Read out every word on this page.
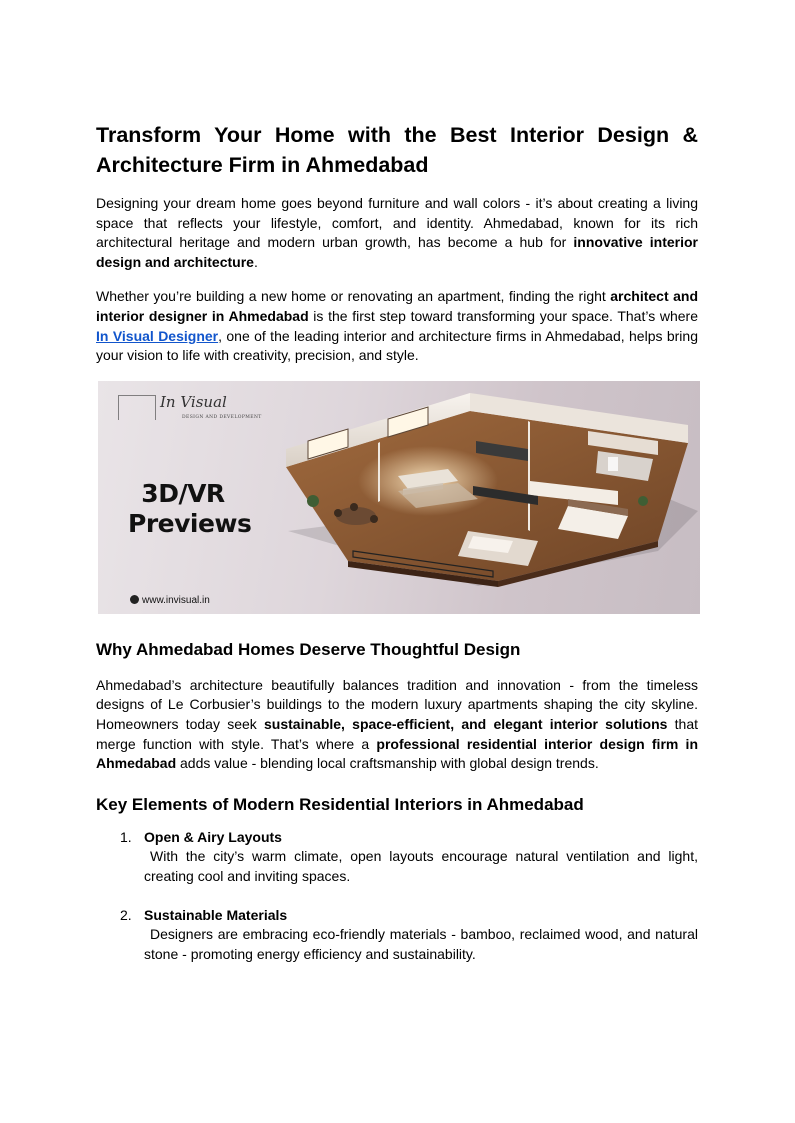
Transform Your Home with the Best Interior Design & Architecture Firm in Ahmedabad

Designing your dream home goes beyond furniture and wall colors - it’s about creating a living space that reflects your lifestyle, comfort, and identity. Ahmedabad, known for its rich architectural heritage and modern urban growth, has become a hub for innovative interior design and architecture.

Whether you’re building a new home or renovating an apartment, finding the right architect and interior designer in Ahmedabad is the first step toward transforming your space. That’s where In Visual Designer, one of the leading interior and architecture firms in Ahmedabad, helps bring your vision to life with creativity, precision, and style.

In Visual
DESIGN AND DEVELOPMENT
3D/VR
Previews
www.invisual.in
Why Ahmedabad Homes Deserve Thoughtful Design

Ahmedabad’s architecture beautifully balances tradition and innovation - from the timeless designs of Le Corbusier’s buildings to the modern luxury apartments shaping the city skyline. Homeowners today seek sustainable, space-efficient, and elegant interior solutions that merge function with style. That’s where a professional residential interior design firm in Ahmedabad adds value - blending local craftsmanship with global design trends.

Key Elements of Modern Residential Interiors in Ahmedabad
1. Open & Airy Layouts
With the city’s warm climate, open layouts encourage natural ventilation and light, creating cool and inviting spaces.
2. Sustainable Materials
Designers are embracing eco-friendly materials - bamboo, reclaimed wood, and natural stone - promoting energy efficiency and sustainability.
